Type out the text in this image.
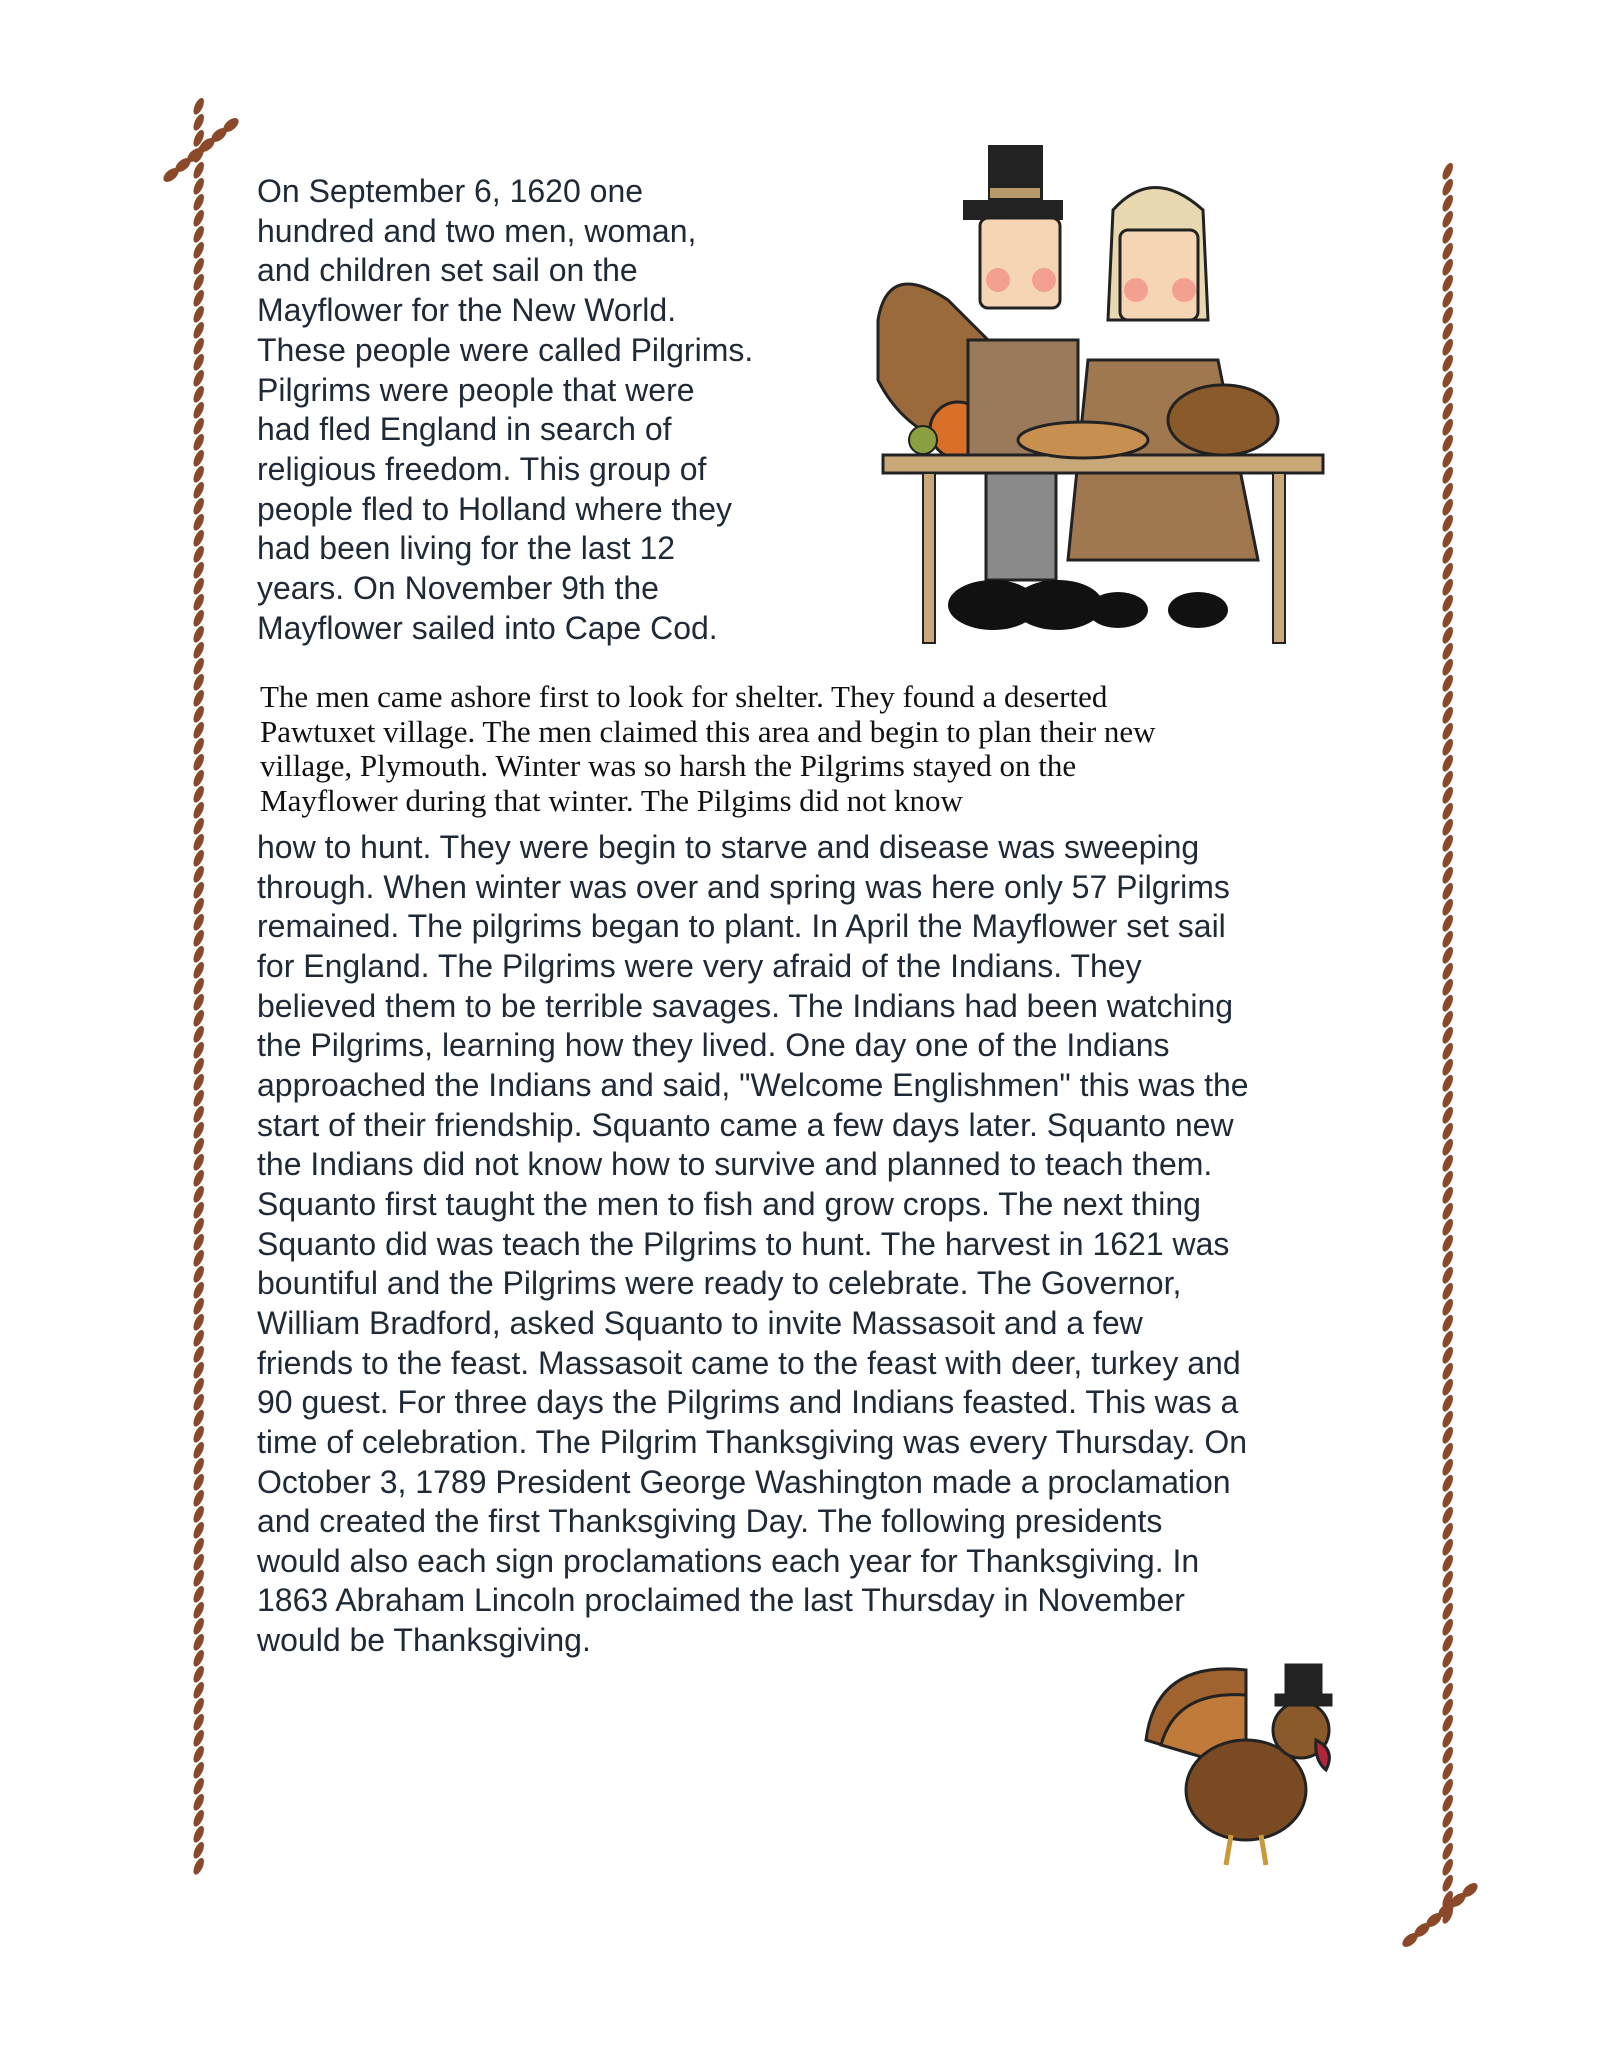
On September 6, 1620 one
hundred and two men, woman,
and children set sail on the
Mayflower for the New World.
These people were called Pilgrims.
Pilgrims were people that were
had fled England in search of
religious freedom. This group of
people fled to Holland where they
had been living for the last 12
years. On November 9th the
Mayflower sailed into Cape Cod.
The men came ashore first to look for shelter. They found a deserted
Pawtuxet village. The men claimed this area and begin to plan their new
village, Plymouth. Winter was so harsh the Pilgrims stayed on the
Mayflower during that winter. The Pilgims did not know
how to hunt. They were begin to starve and disease was sweeping
through. When winter was over and spring was here only 57 Pilgrims
remained. The pilgrims began to plant. In April the Mayflower set sail
for England. The Pilgrims were very afraid of the Indians. They
believed them to be terrible savages. The Indians had been watching
the Pilgrims, learning how they lived. One day one of the Indians
approached the Indians and said, "Welcome Englishmen" this was the
start of their friendship. Squanto came a few days later. Squanto new
the Indians did not know how to survive and planned to teach them.
Squanto first taught the men to fish and grow crops. The next thing
Squanto did was teach the Pilgrims to hunt. The harvest in 1621 was
bountiful and the Pilgrims were ready to celebrate. The Governor,
William Bradford, asked Squanto to invite Massasoit and a few
friends to the feast. Massasoit came to the feast with deer, turkey and
90 guest. For three days the Pilgrims and Indians feasted. This was a
time of celebration. The Pilgrim Thanksgiving was every Thursday. On
October 3, 1789 President George Washington made a proclamation
and created the first Thanksgiving Day. The following presidents
would also each sign proclamations each year for Thanksgiving. In
1863 Abraham Lincoln proclaimed the last Thursday in November
would be Thanksgiving.
